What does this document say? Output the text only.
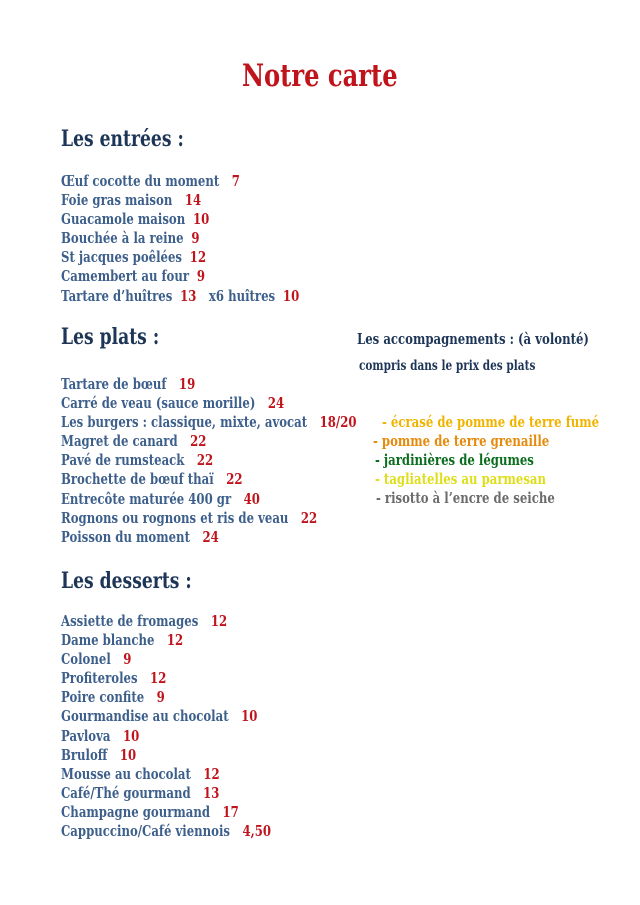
Notre carte
Les entrées :
Œuf cocotte du moment 7
Foie gras maison 14
Guacamole maison 10
Bouchée à la reine 9
St jacques poêlées 12
Camembert au four 9
Tartare d’huîtres 13 x6 huîtres 10
Les plats :
Tartare de bœuf 19
Carré de veau (sauce morille) 24
Les burgers : classique, mixte, avocat 18/20
Magret de canard 22
Pavé de rumsteack 22
Brochette de bœuf thaï 22
Entrecôte maturée 400 gr 40
Rognons ou rognons et ris de veau 22
Poisson du moment 24
Les accompagnements : (à volonté)
compris dans le prix des plats
- écrasé de pomme de terre fumé
- pomme de terre grenaille
- jardinières de légumes
- tagliatelles au parmesan
- risotto à l’encre de seiche
Les desserts :
Assiette de fromages 12
Dame blanche 12
Colonel 9
Profiteroles 12
Poire confite 9
Gourmandise au chocolat 10
Pavlova 10
Bruloff 10
Mousse au chocolat 12
Café/Thé gourmand 13
Champagne gourmand 17
Cappuccino/Café viennois 4,50
